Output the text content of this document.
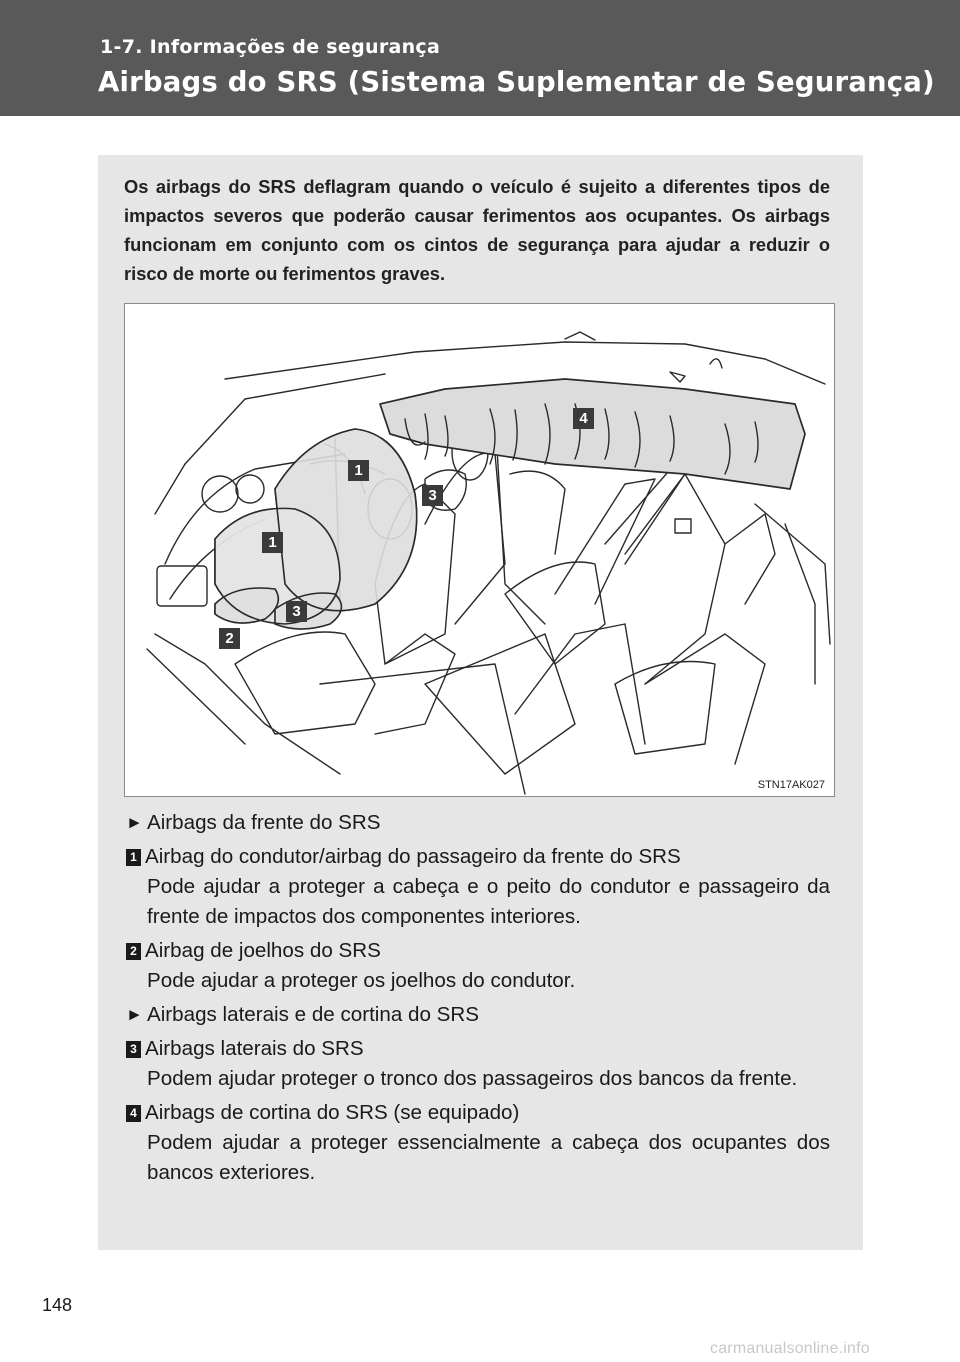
1-7. Informações de segurança
Airbags do SRS (Sistema Suplementar de Segurança)
Os airbags do SRS deflagram quando o veículo é sujeito a diferentes tipos de impactos severos que poderão causar ferimentos aos ocupantes. Os airbags funcionam em conjunto com os cintos de segurança para ajudar a reduzir o risco de morte ou ferimentos graves.
1
1
2
3
3
4
STN17AK027
► Airbags da frente do SRS
1 Airbag do condutor/airbag do passageiro da frente do SRS
Pode ajudar a proteger a cabeça e o peito do condutor e passageiro da frente de impactos dos componentes interiores.
2 Airbag de joelhos do SRS
Pode ajudar a proteger os joelhos do condutor.
► Airbags laterais e de cortina do SRS
3 Airbags laterais do SRS
Podem ajudar proteger o tronco dos passageiros dos bancos da frente.
4 Airbags de cortina do SRS (se equipado)
Podem ajudar a proteger essencialmente a cabeça dos ocupantes dos bancos exteriores.
148
carmanualsonline.info
